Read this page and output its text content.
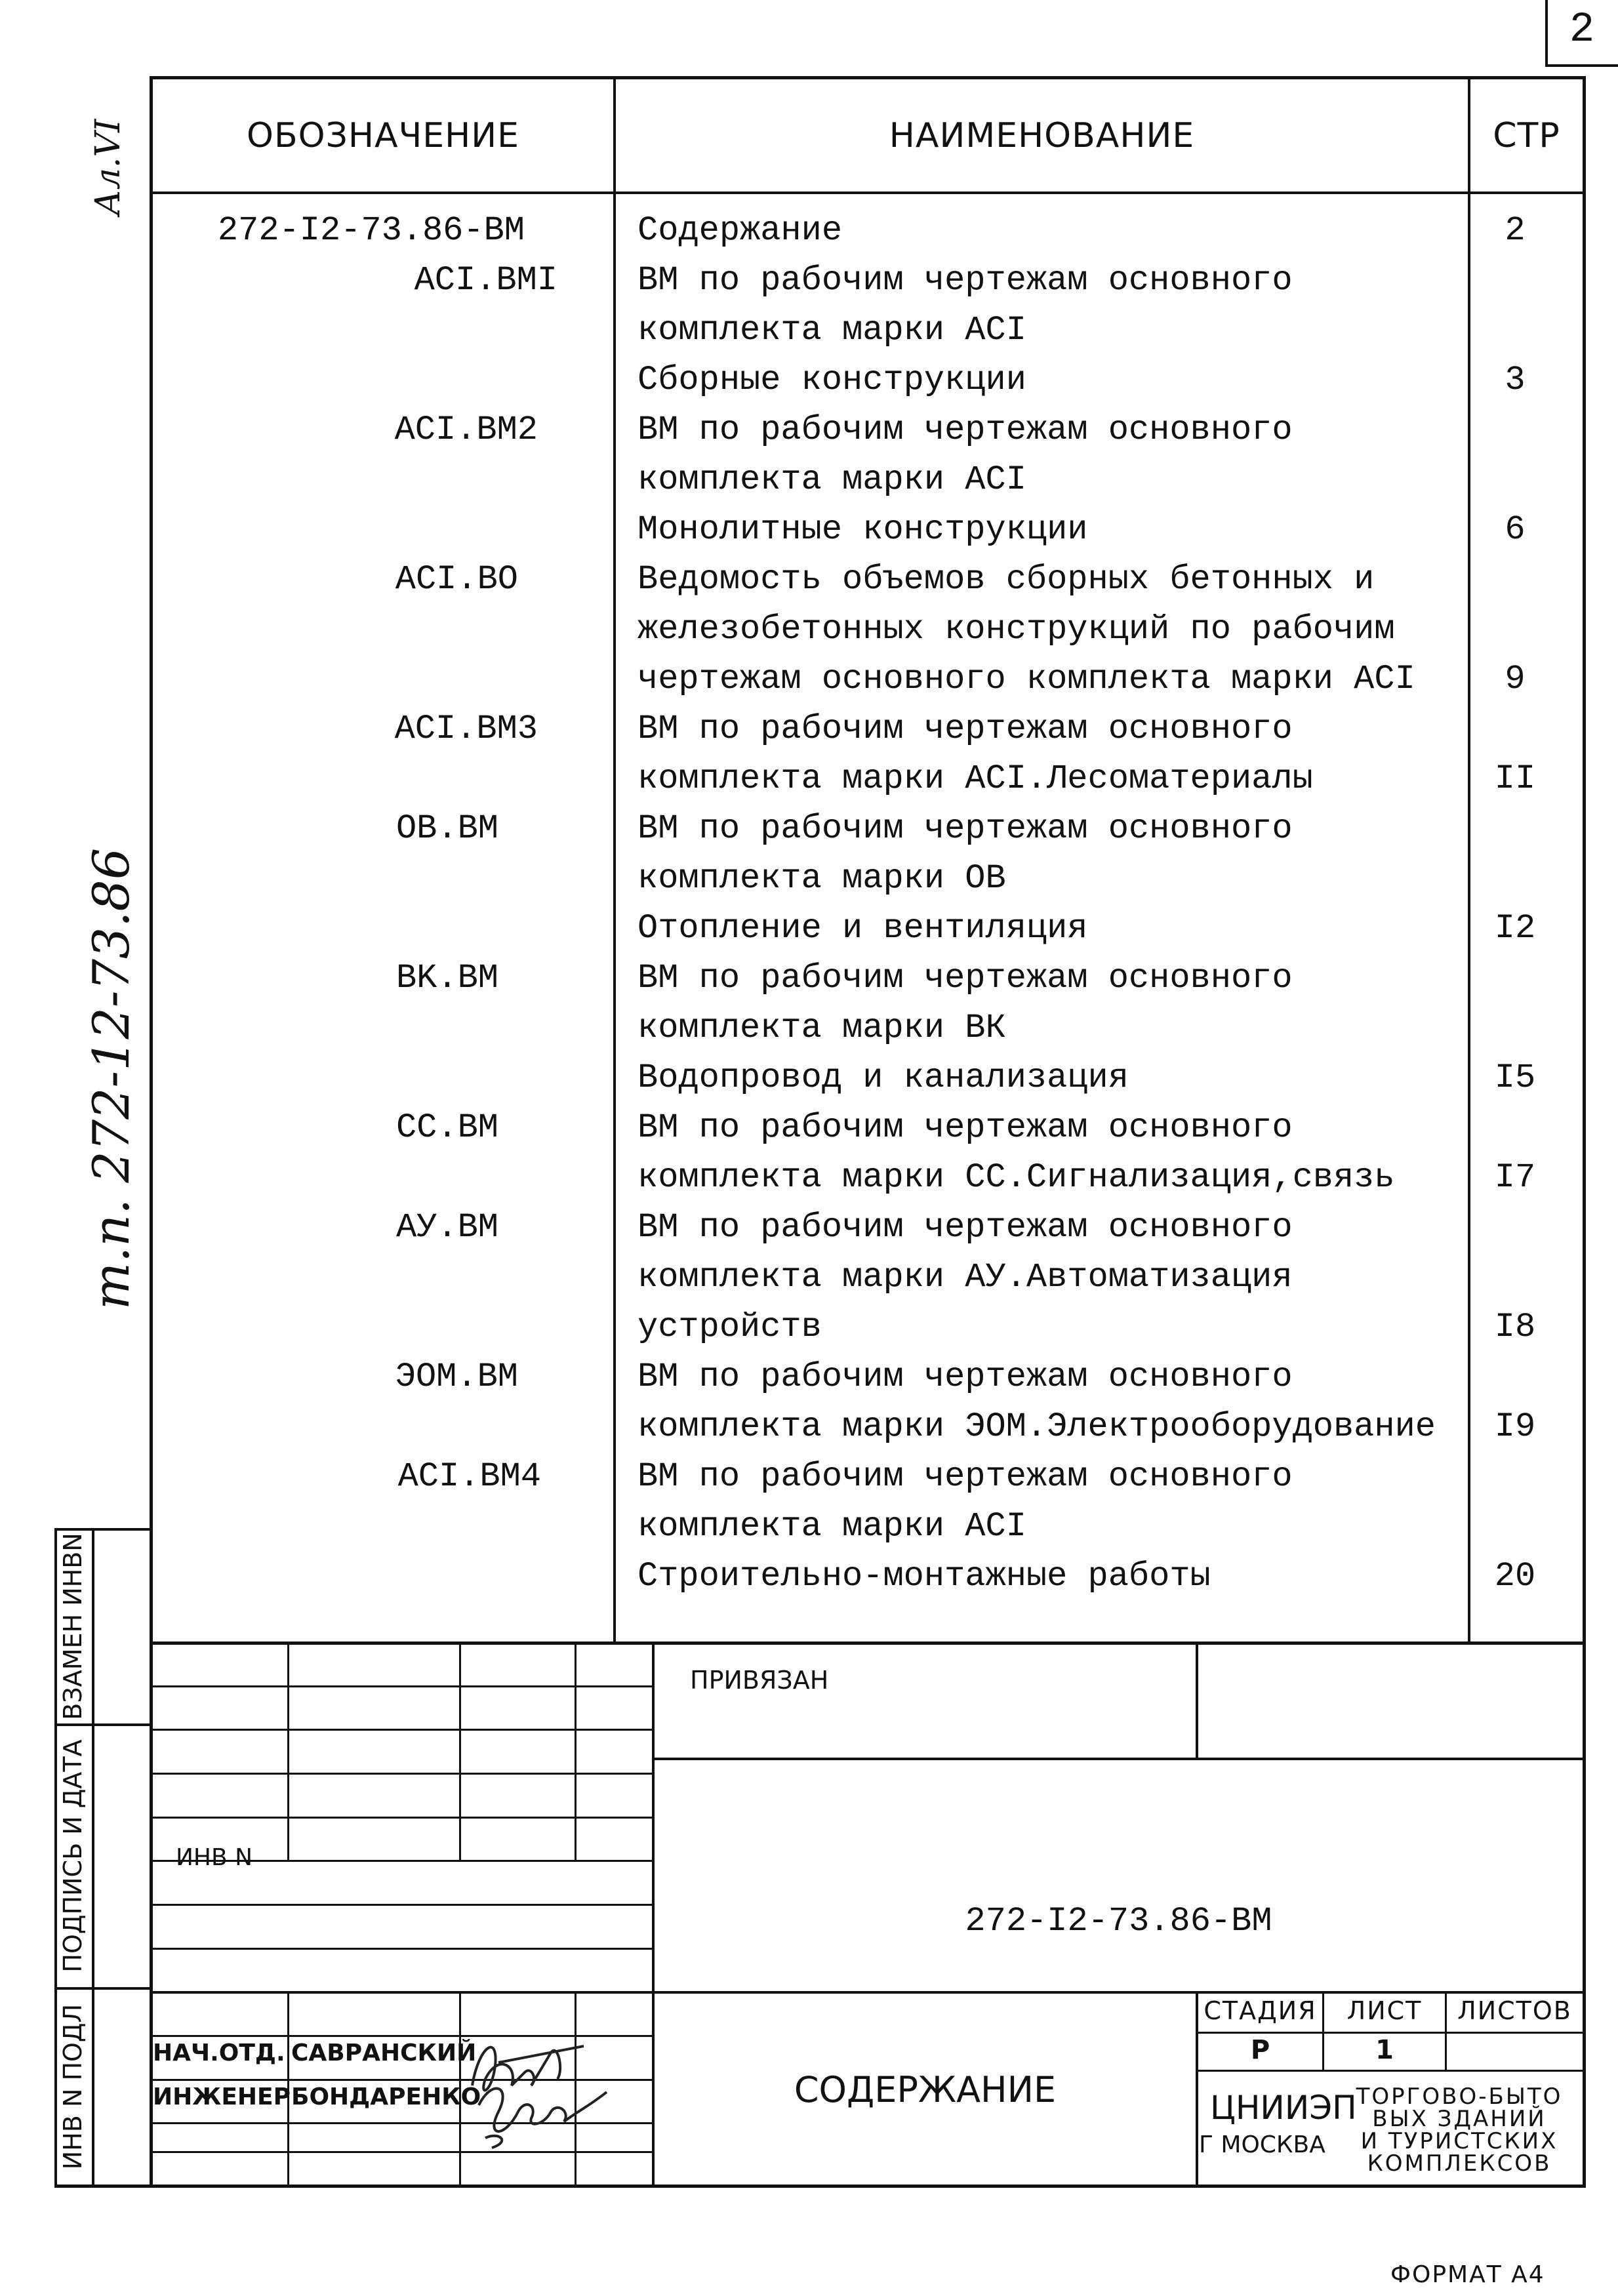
2
ОБОЗНАЧЕНИЕ	НАИМЕНОВАНИЕ	СТР
272-I2-73.86-ВМ	Содержание	2
ACI.BMI ВМ по рабочим чертежам основного
комплекта марки ACI
Сборные конструкции	3
ACI.BM2	ВМ по рабочим чертежам основного
комплекта марки ACI
Монолитные конструкции	6
ACI.BO	Ведомость объемов сборных бетонных и
железобетонных конструкций по рабочим
чертежам основного комплекта марки ACI	9
ACI.BM3	ВМ по рабочим чертежам основного
комплекта марки ACI.Лесоматериалы	II
OB.BM	ВМ по рабочим чертежам основного
комплекта марки OB
Отопление и вентиляция	I2
BK.BM	ВМ по рабочим чертежам основного
комплекта марки ВК
Водопровод и канализация	I5
CC.BM	ВМ по рабочим чертежам основного
комплекта марки СС.Сигнализация,связь	I7
АУ.ВМ	ВМ по рабочим чертежам основного
комплекта марки АУ.Автоматизация
устройств	I8
ЭОМ.ВМ	ВМ по рабочим чертежам основного
комплекта марки ЭОМ.Электрооборудование	I9
ACI.BM4	ВМ по рабочим чертежам основного
комплекта марки ACI
Строительно-монтажные работы	20
Ал.VI
т.п. 272-12-73.86
ВЗАМЕН ИНВN
ПОДПИСЬ И ДАТА
ИНВ N ПОДЛ
ПРИВЯЗАН
ИНВ N
272-I2-73.86-ВМ
СОДЕРЖАНИЕ
СТАДИЯ	ЛИСТ	ЛИСТОВ
Р	1
ЦНИИЭП
Г МОСКВА
ТОРГОВО-БЫТО
ВЫХ ЗДАНИЙ
И ТУРИСТСКИХ
КОМПЛЕКСОВ
НАЧ.ОТД. САВРАНСКИЙ
ИНЖЕНЕР БОНДАРЕНКО
ФОРМАТ А4
